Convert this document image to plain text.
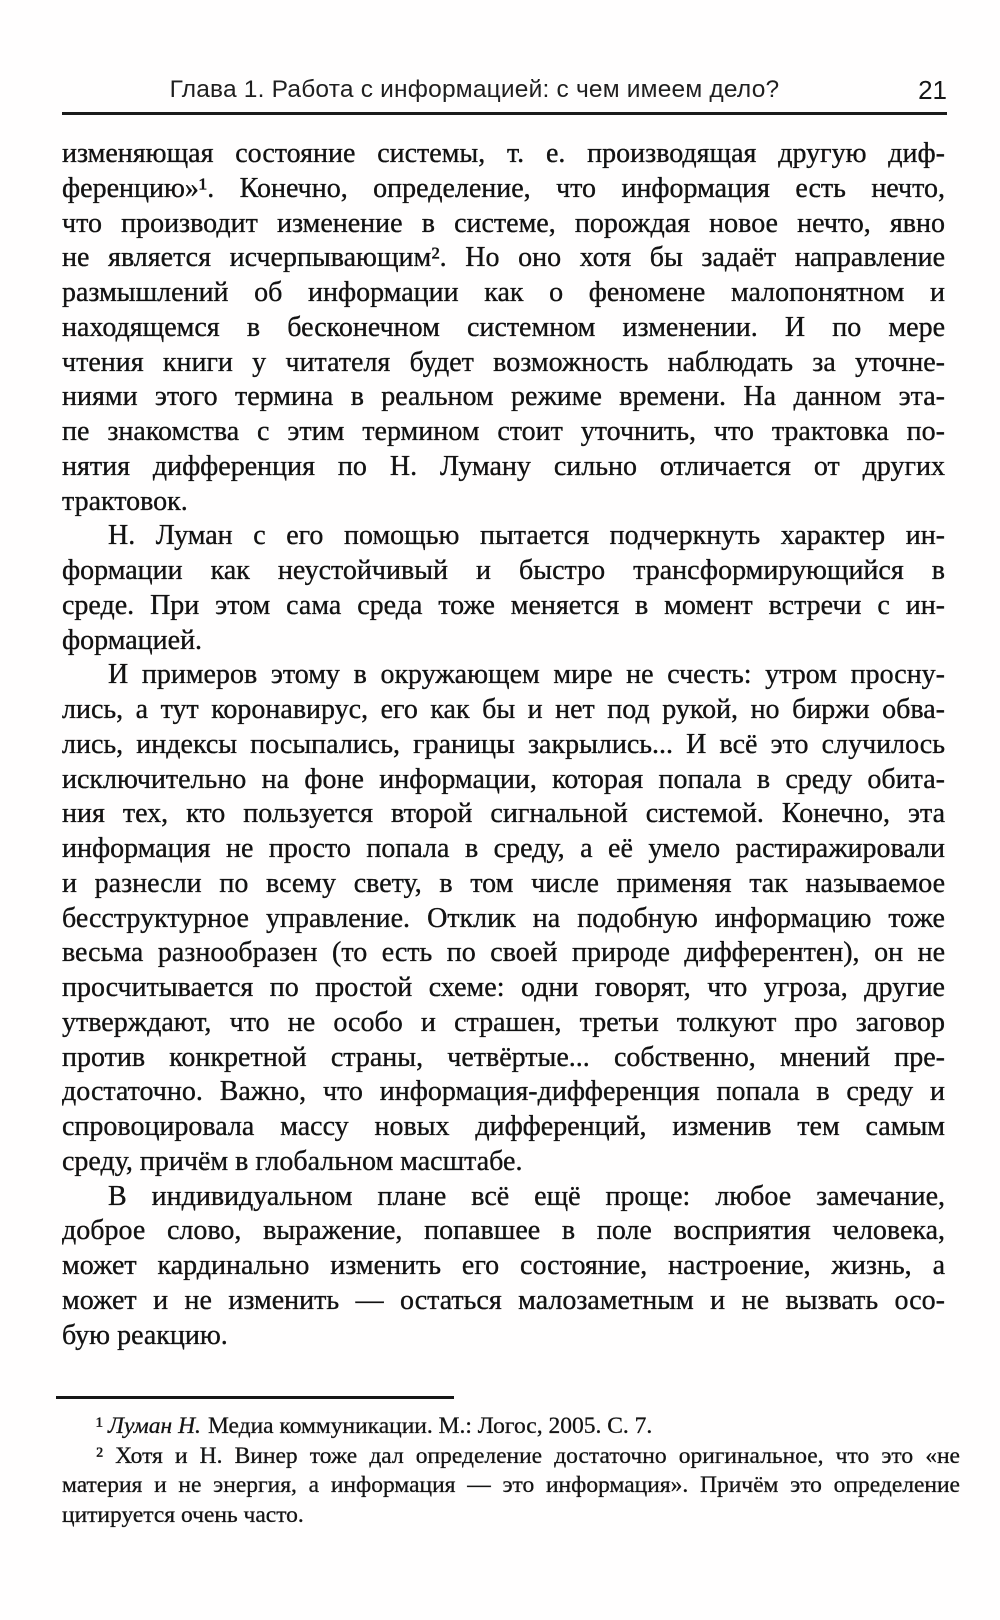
Глава 1. Работа с информацией: с чем имеем дело?	21
изменяющая состояние системы, т. е. производящая другую диф-
ференцию»¹. Конечно, определение, что информация есть нечто,
что производит изменение в системе, порождая новое нечто, явно
не является исчерпывающим². Но оно хотя бы задаёт направление
размышлений об информации как о феномене малопонятном и
находящемся в бесконечном системном изменении. И по мере
чтения книги у читателя будет возможность наблюдать за уточне-
ниями этого термина в реальном режиме времени. На данном эта-
пе знакомства с этим термином стоит уточнить, что трактовка по-
нятия дифференция по Н. Луману сильно отличается от других
трактовок.
Н. Луман с его помощью пытается подчеркнуть характер ин-
формации как неустойчивый и быстро трансформирующийся в
среде. При этом сама среда тоже меняется в момент встречи с ин-
формацией.
И примеров этому в окружающем мире не счесть: утром просну-
лись, а тут коронавирус, его как бы и нет под рукой, но биржи обва-
лись, индексы посыпались, границы закрылись... И всё это случилось
исключительно на фоне информации, которая попала в среду обита-
ния тех, кто пользуется второй сигнальной системой. Конечно, эта
информация не просто попала в среду, а её умело растиражировали
и разнесли по всему свету, в том числе применяя так называемое
бесструктурное управление. Отклик на подобную информацию тоже
весьма разнообразен (то есть по своей природе дифферентен), он не
просчитывается по простой схеме: одни говорят, что угроза, другие
утверждают, что не особо и страшен, третьи толкуют про заговор
против конкретной страны, четвёртые... собственно, мнений пре-
достаточно. Важно, что информация-дифференция попала в среду и
спровоцировала массу новых дифференций, изменив тем самым
среду, причём в глобальном масштабе.
В индивидуальном плане всё ещё проще: любое замечание,
доброе слово, выражение, попавшее в поле восприятия человека,
может кардинально изменить его состояние, настроение, жизнь, а
может и не изменить — остаться малозаметным и не вызвать осо-
бую реакцию.
¹ Луман Н. Медиа коммуникации. М.: Логос, 2005. С. 7.
² Хотя и Н. Винер тоже дал определение достаточно оригинальное, что это «не
материя и не энергия, а информация — это информация». Причём это определение
цитируется очень часто.
